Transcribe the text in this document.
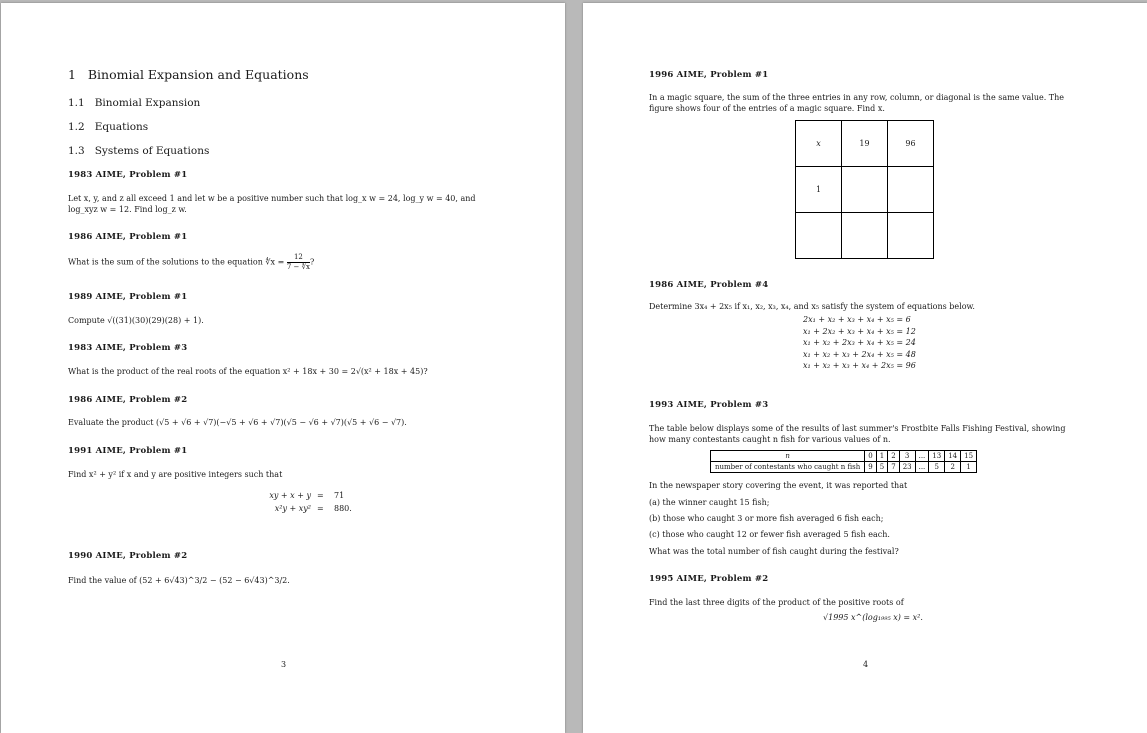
1 Binomial Expansion and Equations
1.1 Binomial Expansion
1.2 Equations
1.3 Systems of Equations
1983 AIME, Problem #1
Let x, y, and z all exceed 1 and let w be a positive number such that log_x w = 24, log_y w = 40, and log_xyz w = 12. Find log_z w.
1986 AIME, Problem #1
What is the sum of the solutions to the equation ∜x = $\frac{12}{7 - ∜x}$ ?
1989 AIME, Problem #1
Compute √((31)(30)(29)(28) + 1).
1983 AIME, Problem #3
What is the product of the real roots of the equation x² + 18x + 30 = 2√(x² + 18x + 45)?
1986 AIME, Problem #2
Evaluate the product (√5 + √6 + √7)(−√5 + √6 + √7)(√5 − √6 + √7)(√5 + √6 − √7).
1991 AIME, Problem #1
Find x² + y² if x and y are positive integers such that
xy + x + y = 71
x²y + xy² = 880.
1990 AIME, Problem #2
Find the value of (52 + 6√43)^3/2 − (52 − 6√43)^3/2.
3
1996 AIME, Problem #1
In a magic square, the sum of the three entries in any row, column, or diagonal is the same value. The figure shows four of the entries of a magic square. Find x.
x	19	96
1		

1986 AIME, Problem #4
Determine 3x₄ + 2x₅ if x₁, x₂, x₃, x₄, and x₅ satisfy the system of equations below.
2x₁ + x₂ + x₃ + x₄ + x₅ = 6
x₁ + 2x₂ + x₃ + x₄ + x₅ = 12
x₁ + x₂ + 2x₃ + x₄ + x₅ = 24
x₁ + x₂ + x₃ + 2x₄ + x₅ = 48
x₁ + x₂ + x₃ + x₄ + 2x₅ = 96
1993 AIME, Problem #3
The table below displays some of the results of last summer's Frostbite Falls Fishing Festival, showing how many contestants caught n fish for various values of n.
n	0	1	2	3	...	13	14	15
number of contestants who caught n fish	9	5	7	23	...	5	2	1
In the newspaper story covering the event, it was reported that
(a) the winner caught 15 fish;
(b) those who caught 3 or more fish averaged 6 fish each;
(c) those who caught 12 or fewer fish averaged 5 fish each.
What was the total number of fish caught during the festival?
1995 AIME, Problem #2
Find the last three digits of the product of the positive roots of
√1995 x^(log₁₉₉₅ x) = x².
4
